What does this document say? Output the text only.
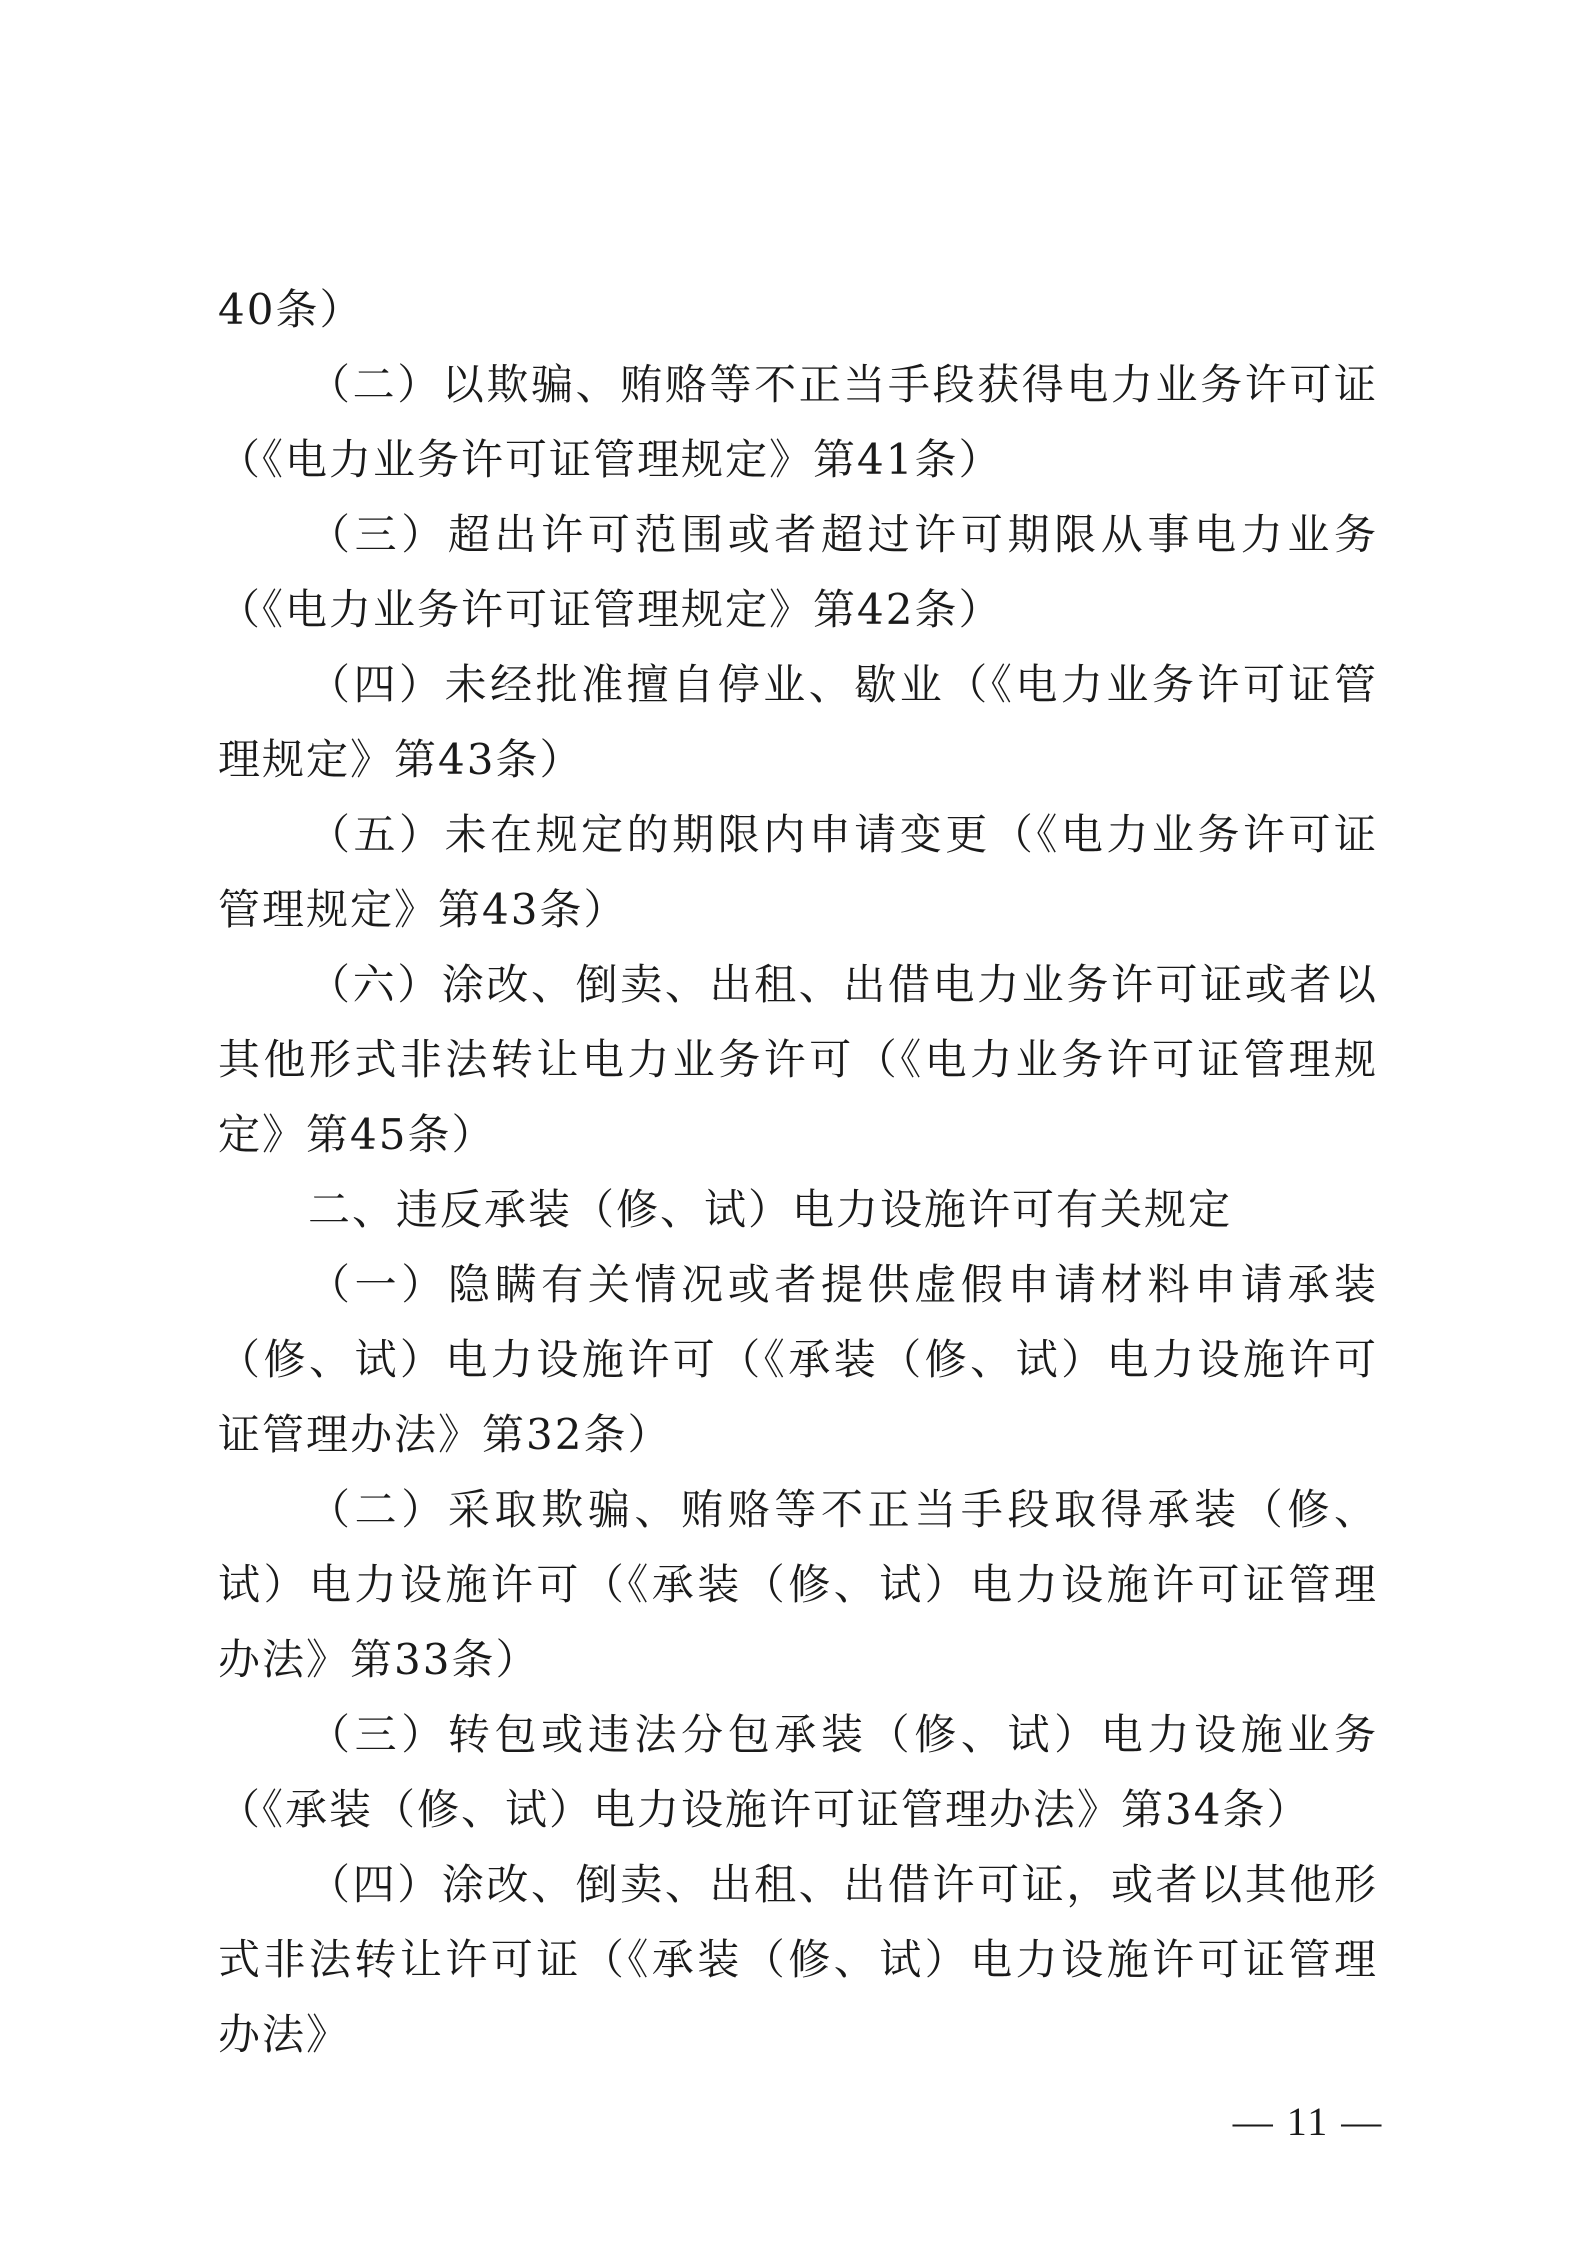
40条）

（二）以欺骗、贿赂等不正当手段获得电力业务许可证（《电力业务许可证管理规定》第41条）

（三）超出许可范围或者超过许可期限从事电力业务（《电力业务许可证管理规定》第42条）

（四）未经批准擅自停业、歇业（《电力业务许可证管理规定》第43条）

（五）未在规定的期限内申请变更（《电力业务许可证管理规定》第43条）

（六）涂改、倒卖、出租、出借电力业务许可证或者以其他形式非法转让电力业务许可（《电力业务许可证管理规定》第45条）

二、违反承装（修、试）电力设施许可有关规定

（一）隐瞒有关情况或者提供虚假申请材料申请承装（修、试）电力设施许可（《承装（修、试）电力设施许可证管理办法》第32条）

（二）采取欺骗、贿赂等不正当手段取得承装（修、试）电力设施许可（《承装（修、试）电力设施许可证管理办法》第33条）

（三）转包或违法分包承装（修、试）电力设施业务（《承装（修、试）电力设施许可证管理办法》第34条）

（四）涂改、倒卖、出租、出借许可证，或者以其他形式非法转让许可证（《承装（修、试）电力设施许可证管理办法》

— 11 —
